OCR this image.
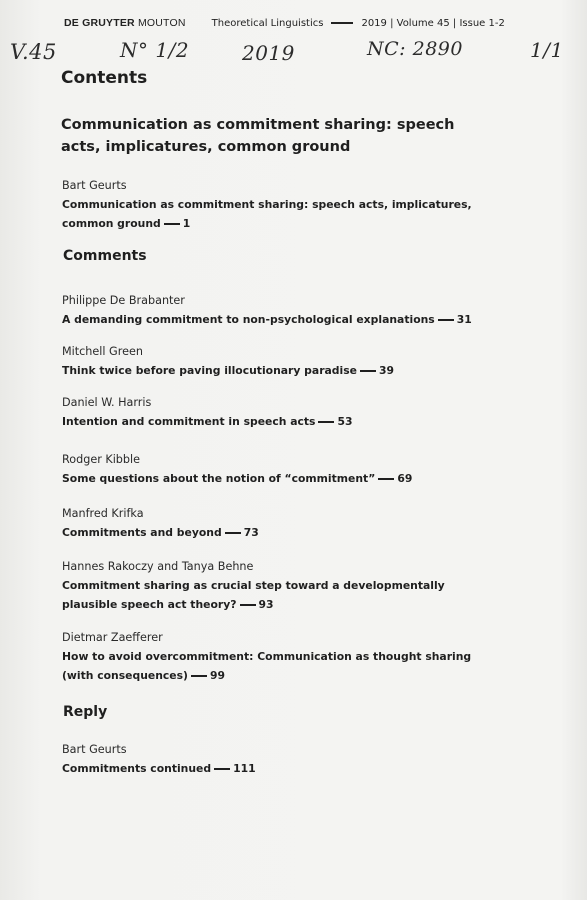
DE GRUYTER MOUTON	Theoretical Linguistics	2019 | Volume 45 | Issue 1-2
V.45	N° 1/2	2019	NC: 2890	1/1
Contents
Communication as commitment sharing: speech acts, implicatures, common ground
Bart Geurts
Communication as commitment sharing: speech acts, implicatures, common ground 1
Comments
Philippe De Brabanter
A demanding commitment to non-psychological explanations 31
Mitchell Green
Think twice before paving illocutionary paradise 39
Daniel W. Harris
Intention and commitment in speech acts 53
Rodger Kibble
Some questions about the notion of “commitment” 69
Manfred Krifka
Commitments and beyond 73
Hannes Rakoczy and Tanya Behne
Commitment sharing as crucial step toward a developmentally plausible speech act theory? 93
Dietmar Zaefferer
How to avoid overcommitment: Communication as thought sharing (with consequences) 99
Reply
Bart Geurts
Commitments continued 111
